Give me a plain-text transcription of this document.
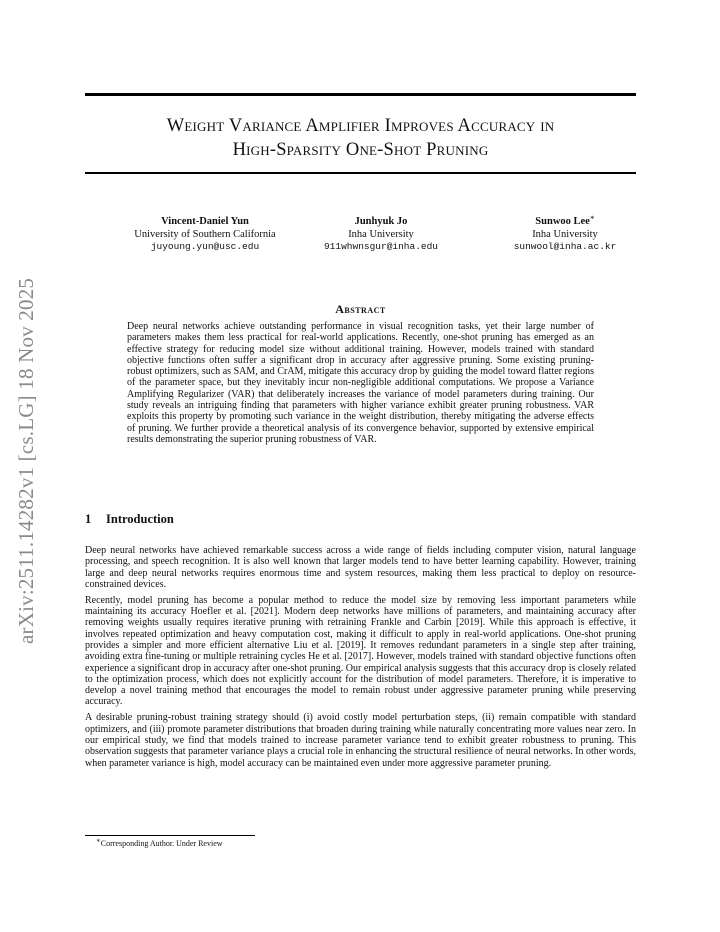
arXiv:2511.14282v1 [cs.LG] 18 Nov 2025
Weight Variance Amplifier Improves Accuracy in
High-Sparsity One-Shot Pruning
Vincent-Daniel Yun
University of Southern California
juyoung.yun@usc.edu
Junhyuk Jo
Inha University
911whwnsgur@inha.edu
Sunwoo Lee∗
Inha University
sunwool@inha.ac.kr
Abstract

Deep neural networks achieve outstanding performance in visual recognition tasks, yet their large number of parameters makes them less practical for real-world applications. Recently, one-shot pruning has emerged as an effective strategy for reducing model size without additional training. However, models trained with standard objective functions often suffer a significant drop in accuracy after aggressive pruning. Some existing pruning-robust optimizers, such as SAM, and CrAM, mitigate this accuracy drop by guiding the model toward flatter regions of the parameter space, but they inevitably incur non-negligible additional computations. We propose a Variance Amplifying Regularizer (VAR) that deliberately increases the variance of model parameters during training. Our study reveals an intriguing finding that parameters with higher variance exhibit greater pruning robustness. VAR exploits this property by promoting such variance in the weight distribution, thereby mitigating the adverse effects of pruning. We further provide a theoretical analysis of its convergence behavior, supported by extensive empirical results demonstrating the superior pruning robustness of VAR.

1 Introduction

Deep neural networks have achieved remarkable success across a wide range of fields including computer vision, natural language processing, and speech recognition. It is also well known that larger models tend to have better learning capability. However, training large and deep neural networks requires enormous time and system resources, making them less practical to deploy on resource-constrained devices.

Recently, model pruning has become a popular method to reduce the model size by removing less important parameters while maintaining its accuracy Hoefler et al. [2021]. Modern deep networks have millions of parameters, and maintaining accuracy after removing weights usually requires iterative pruning with retraining Frankle and Carbin [2019]. While this approach is effective, it involves repeated optimization and heavy computation cost, making it difficult to apply in real-world applications. One-shot pruning provides a simpler and more efficient alternative Liu et al. [2019]. It removes redundant parameters in a single step after training, avoiding extra fine-tuning or multiple retraining cycles He et al. [2017]. However, models trained with standard objective functions often experience a significant drop in accuracy after one-shot pruning. Our empirical analysis suggests that this accuracy drop is closely related to the optimization process, which does not explicitly account for the distribution of model parameters. Therefore, it is imperative to develop a novel training method that encourages the model to remain robust under aggressive parameter pruning while preserving accuracy.

A desirable pruning-robust training strategy should (i) avoid costly model perturbation steps, (ii) remain compatible with standard optimizers, and (iii) promote parameter distributions that broaden during training while naturally concentrating more values near zero. In our empirical study, we find that models trained to increase parameter variance tend to exhibit greater robustness to pruning. This observation suggests that parameter variance plays a crucial role in enhancing the structural resilience of neural networks. In other words, when parameter variance is high, model accuracy can be maintained even under more aggressive parameter pruning.

∗Corresponding Author. Under Review
